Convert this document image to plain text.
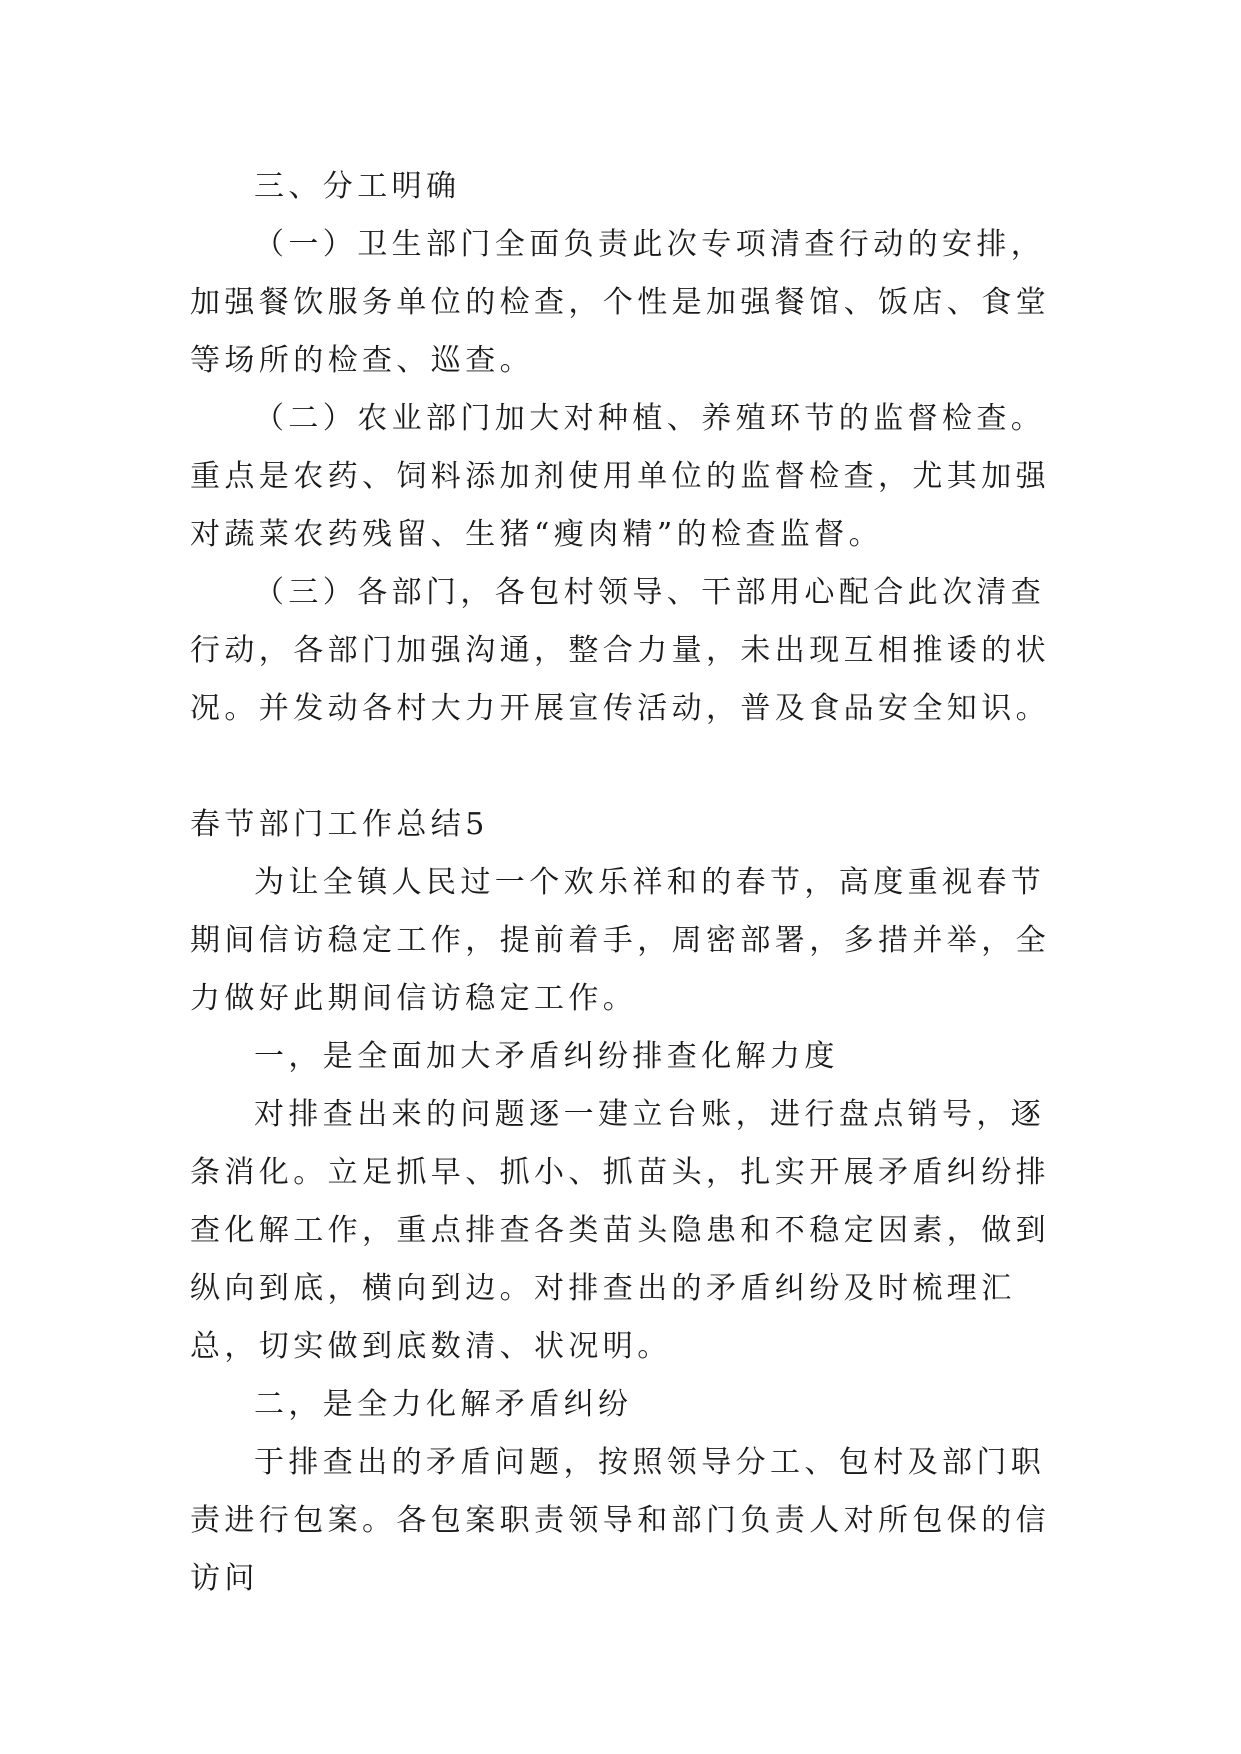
三、分工明确

（一）卫生部门全面负责此次专项清查行动的安排，加强餐饮服务单位的检查，个性是加强餐馆、饭店、食堂等场所的检查、巡查。

（二）农业部门加大对种植、养殖环节的监督检查。重点是农药、饲料添加剂使用单位的监督检查，尤其加强对蔬菜农药残留、生猪“瘦肉精”的检查监督。

（三）各部门，各包村领导、干部用心配合此次清查行动，各部门加强沟通，整合力量，未出现互相推诿的状况。并发动各村大力开展宣传活动，普及食品安全知识。

春节部门工作总结5

为让全镇人民过一个欢乐祥和的春节，高度重视春节期间信访稳定工作，提前着手，周密部署，多措并举，全力做好此期间信访稳定工作。

一，是全面加大矛盾纠纷排查化解力度

对排查出来的问题逐一建立台账，进行盘点销号，逐条消化。立足抓早、抓小、抓苗头，扎实开展矛盾纠纷排查化解工作，重点排查各类苗头隐患和不稳定因素，做到纵向到底，横向到边。对排查出的矛盾纠纷及时梳理汇总，切实做到底数清、状况明。

二，是全力化解矛盾纠纷

于排查出的矛盾问题，按照领导分工、包村及部门职责进行包案。各包案职责领导和部门负责人对所包保的信访问
